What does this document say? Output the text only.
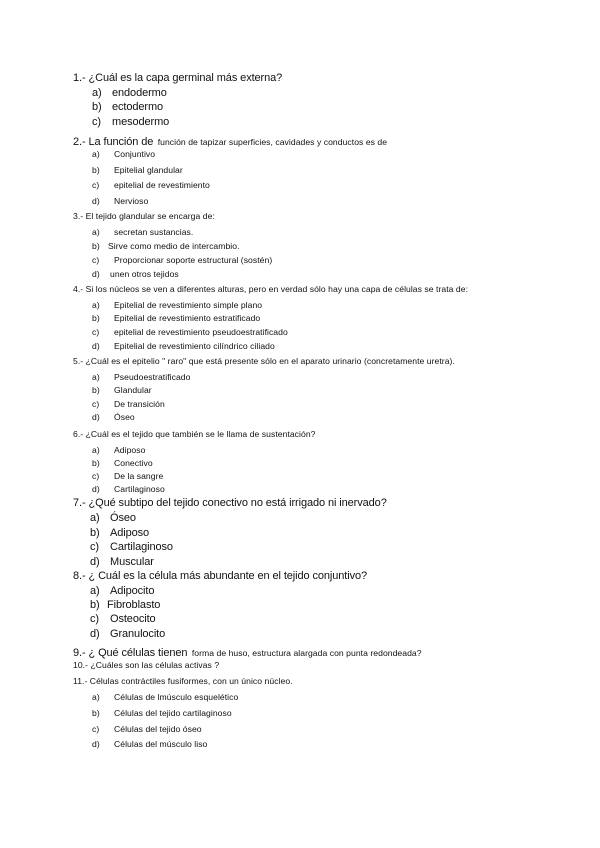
1.- ¿Cuál es la capa germinal más externa?
a) endodermo
b) ectodermo
c) mesodermo
2.- La función de función de tapizar superficies, cavidades y conductos es de
a) Conjuntivo
b) Epitelial glandular
c) epitelial de revestimiento
d) Nervioso
3.- El tejido glandular se encarga de:
a) secretan sustancias.
b) Sirve como medio de intercambio.
c) Proporcionar soporte estructural (sostén)
d) unen otros tejidos
4.- Si los núcleos se ven a diferentes alturas, pero en verdad sólo hay una capa de células se trata de:
a) Epitelial de revestimiento simple plano
b) Epitelial de revestimiento estratificado
c) epitelial de revestimiento pseudoestratificado
d) Epitelial de revestimiento cilíndrico ciliado
5.- ¿Cuál es el epitelio " raro" que está presente sólo en el aparato urinario (concretamente uretra).
a) Pseudoestratificado
b) Glandular
c) De transición
d) Óseo
6.- ¿Cuál es el tejido que también se le llama de sustentación?
a) Adiposo
b) Conectivo
c) De la sangre
d) Cartilaginoso
7.- ¿Qué subtipo del tejido conectivo no está irrigado ni inervado?
a) Óseo
b) Adiposo
c) Cartilaginoso
d) Muscular
8.- ¿ Cuál es la célula más abundante en el tejido conjuntivo?
a) Adipocito
b) Fibroblasto
c) Osteocito
d) Granulocito
9.- ¿ Qué células tienen forma de huso, estructura alargada con punta redondeada?
10.- ¿Cuáles son las células activas ?
11.- Células contráctiles fusiformes, con un único núcleo.
a) Células de lmúsculo esquelético
b) Células del tejido cartilaginoso
c) Células del tejido óseo
d) Células del músculo liso
